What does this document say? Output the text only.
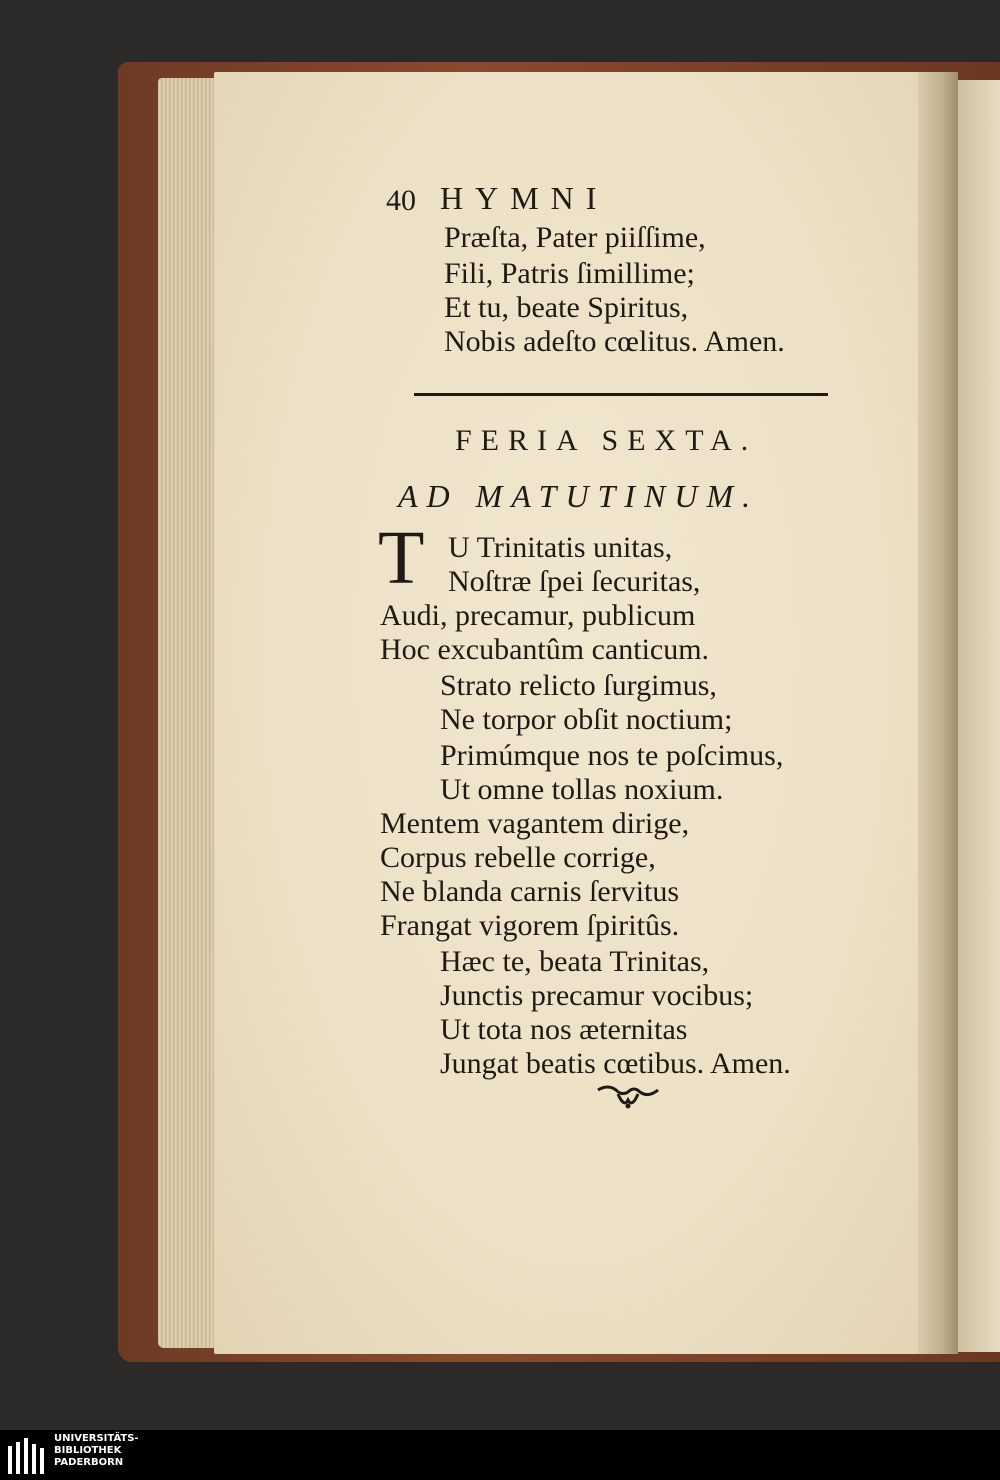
40 HYMNI
Præſta, Pater piiſſime,
Fili, Patris ſimillime;
Et tu, beate Spiritus,
Nobis adeſto cœlitus. Amen.
FERIA SEXTA.
AD MATUTINUM.
T U Trinitatis unitas,
Noſtræ ſpei ſecuritas,
Audi, precamur, publicum
Hoc excubantûm canticum.
Strato relicto ſurgimus,
Ne torpor obſit noctium;
Primúmque nos te poſcimus,
Ut omne tollas noxium.
Mentem vagantem dirige,
Corpus rebelle corrige,
Ne blanda carnis ſervitus
Frangat vigorem ſpiritûs.
Hæc te, beata Trinitas,
Junctis precamur vocibus;
Ut tota nos æternitas
Jungat beatis cœtibus. Amen.
UNIVERSITÄTS-
BIBLIOTHEK
PADERBORN
